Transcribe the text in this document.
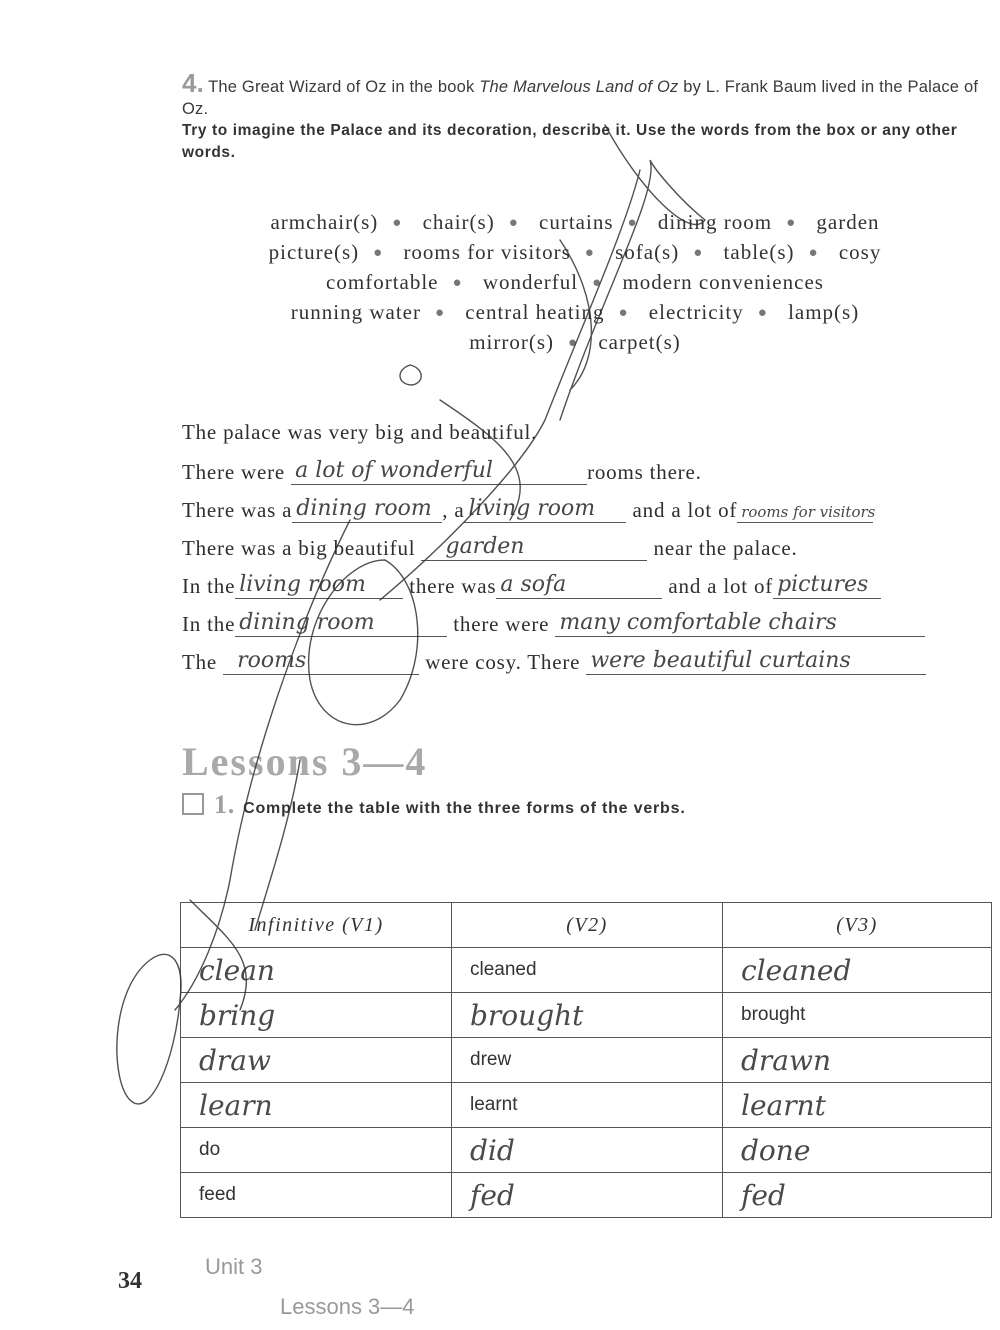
4. The Great Wizard of Oz in the book The Marvelous Land of Oz by L. Frank Baum lived in the Palace of Oz.
Try to imagine the Palace and its decoration, describe it. Use the words from the box or any other words.
armchair(s) ● chair(s) ● curtains ● dining room ● garden
picture(s) ● rooms for visitors ● sofa(s) ● table(s) ● cosy
comfortable ● wonderful ● modern conveniences
running water ● central heating ● electricity ● lamp(s)
mirror(s) ● carpet(s)
The palace was very big and beautiful.
There were a lot of wonderful	rooms there.
There was a dining room , a living room and a lot of rooms for visitors
There was a big beautiful garden	near the palace.
In the living room there was a sofa	and a lot of pictures
In the dining room	there were many comfortable chairs
The rooms	were cosy. There were beautiful curtains
Lessons 3—4
1. Complete the table with the three forms of the verbs.
Infinitive (V1)	(V2)	(V3)
clean	cleaned	cleaned
bring	brought	brought
draw	drew	drawn
learn	learnt	learnt
do	did	done
feed	fed	fed
34
Unit 3
Lessons 3—4
